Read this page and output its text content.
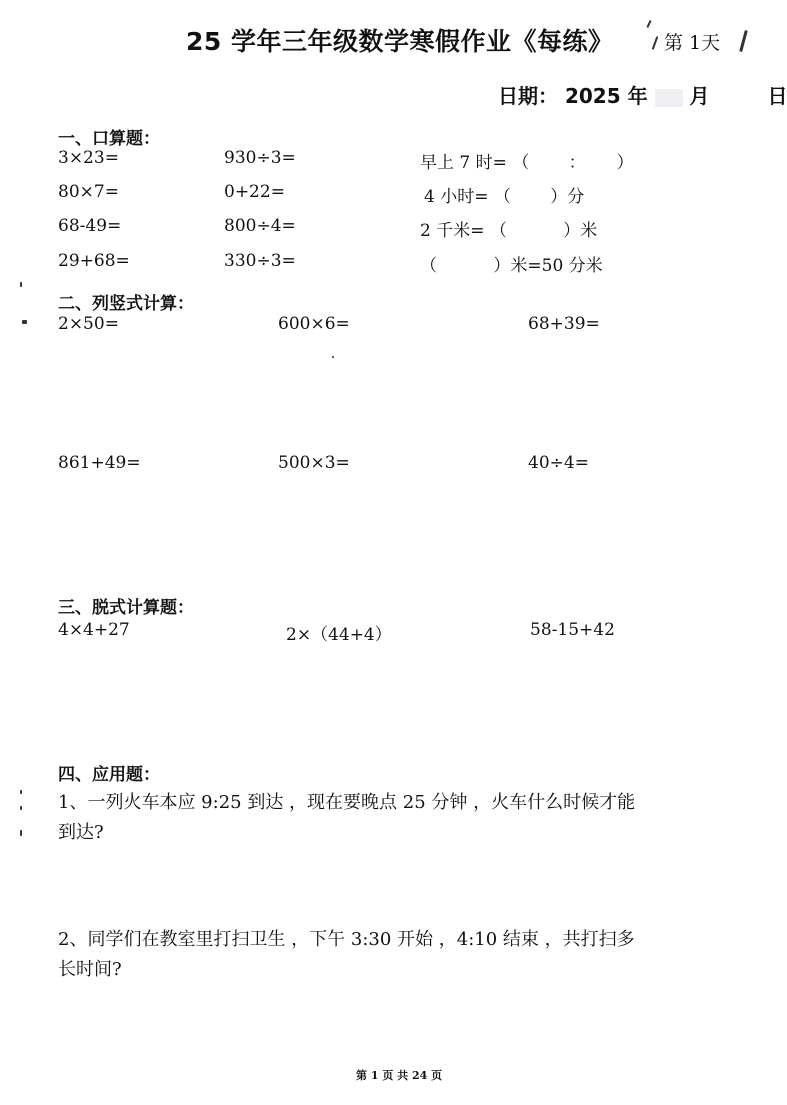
25 学年三年级数学寒假作业《每练》	第 1天
日期： 2025 年 月	日
一、口算题：
3×23=	930÷3=	早上 7 时= （　　 ：　　 ）
80×7=	0+22=	4 小时= （　　 ）分
68-49=	800÷4=	2 千米= （　　　 ）米
29+68=	330÷3=	（　　　 ）米=50 分米
二、列竖式计算：
2×50=	600×6=	68+39=
861+49=	500×3=	40÷4=
三、脱式计算题：
4×4+27	2×（44+4）	58-15+42
四、应用题：
1、一列火车本应 9:25 到达 ，现在要晚点 25 分钟 ，火车什么时候才能
到达?
2、同学们在教室里打扫卫生 ，下午 3:30 开始 ，4:10 结束 ，共打扫多
长时间?
第 1 页 共 24 页
